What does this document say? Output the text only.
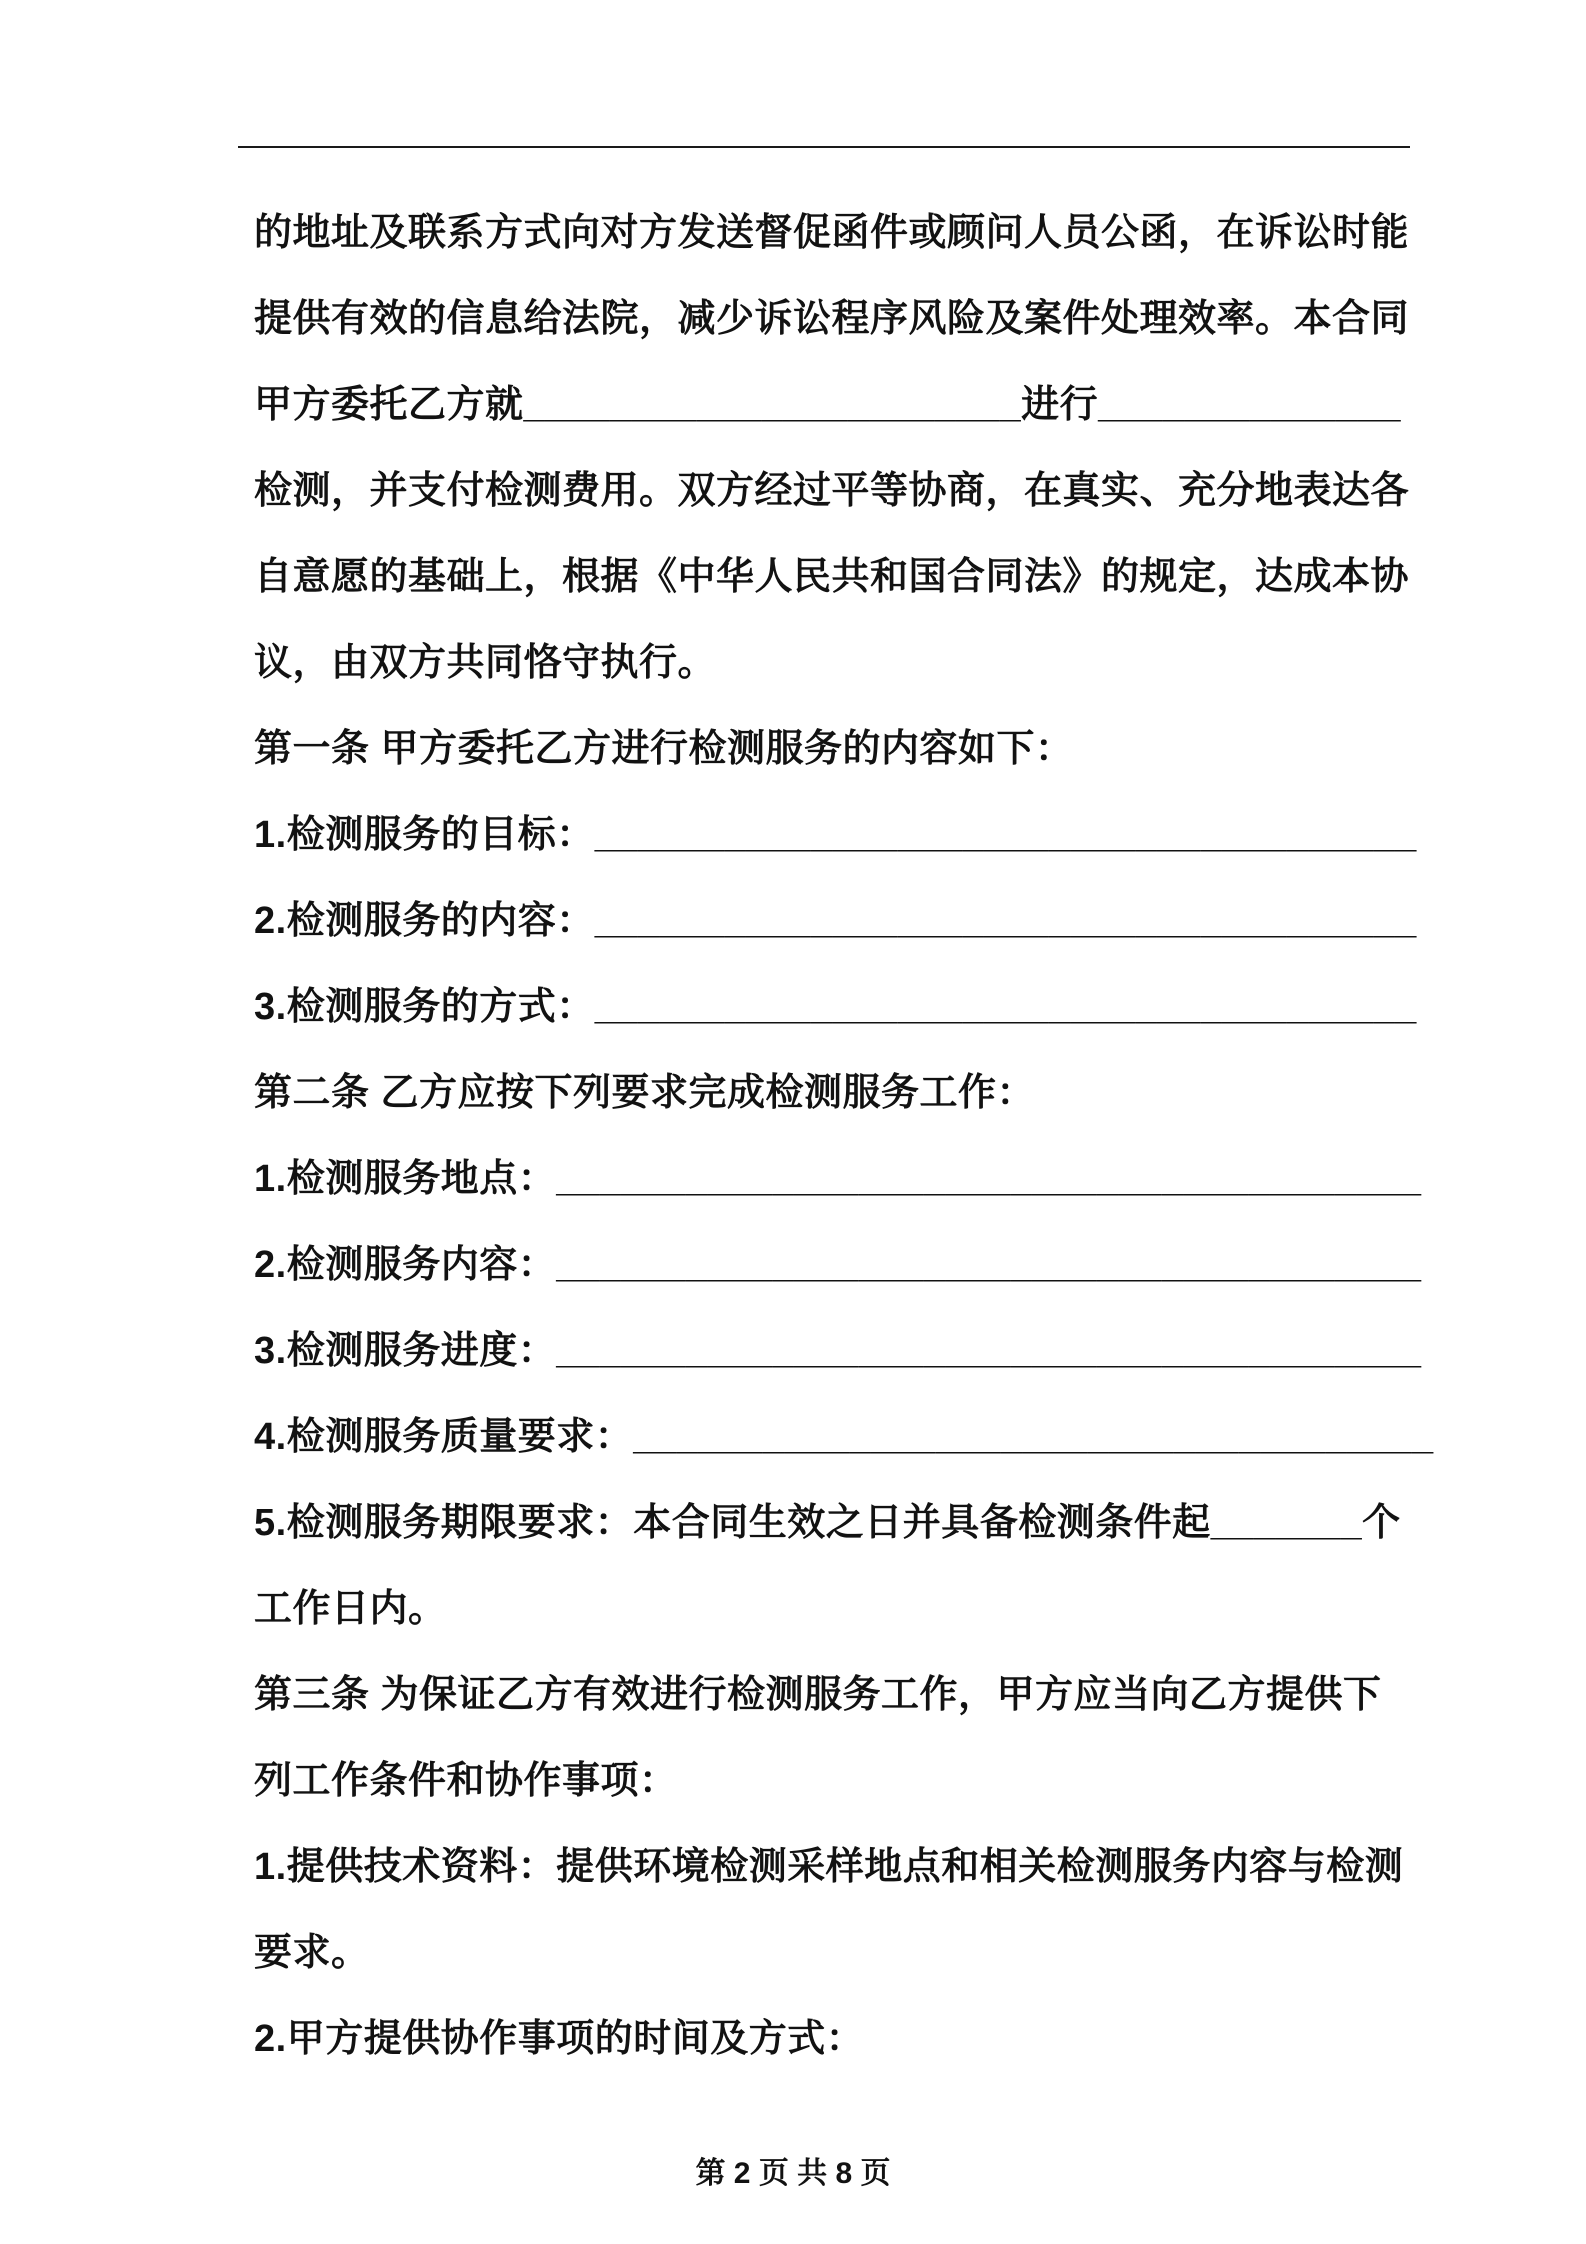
的地址及联系方式向对方发送督促函件或顾问人员公函，在诉讼时能
提供有效的信息给法院，减少诉讼程序风险及案件处理效率。本合同
甲方委托乙方就_______________________进行______________
检测，并支付检测费用。双方经过平等协商，在真实、充分地表达各
自意愿的基础上，根据《中华人民共和国合同法》的规定，达成本协
议，由双方共同恪守执行。
第一条 甲方委托乙方进行检测服务的内容如下：
1.检测服务的目标：______________________________________
2.检测服务的内容：______________________________________
3.检测服务的方式：______________________________________
第二条 乙方应按下列要求完成检测服务工作：
1.检测服务地点：________________________________________
2.检测服务内容：________________________________________
3.检测服务进度：________________________________________
4.检测服务质量要求：_____________________________________
5.检测服务期限要求：本合同生效之日并具备检测条件起_______个
工作日内。
第三条 为保证乙方有效进行检测服务工作，甲方应当向乙方提供下
列工作条件和协作事项：
1.提供技术资料：提供环境检测采样地点和相关检测服务内容与检测
要求。
2.甲方提供协作事项的时间及方式：
第 2 页 共 8 页
